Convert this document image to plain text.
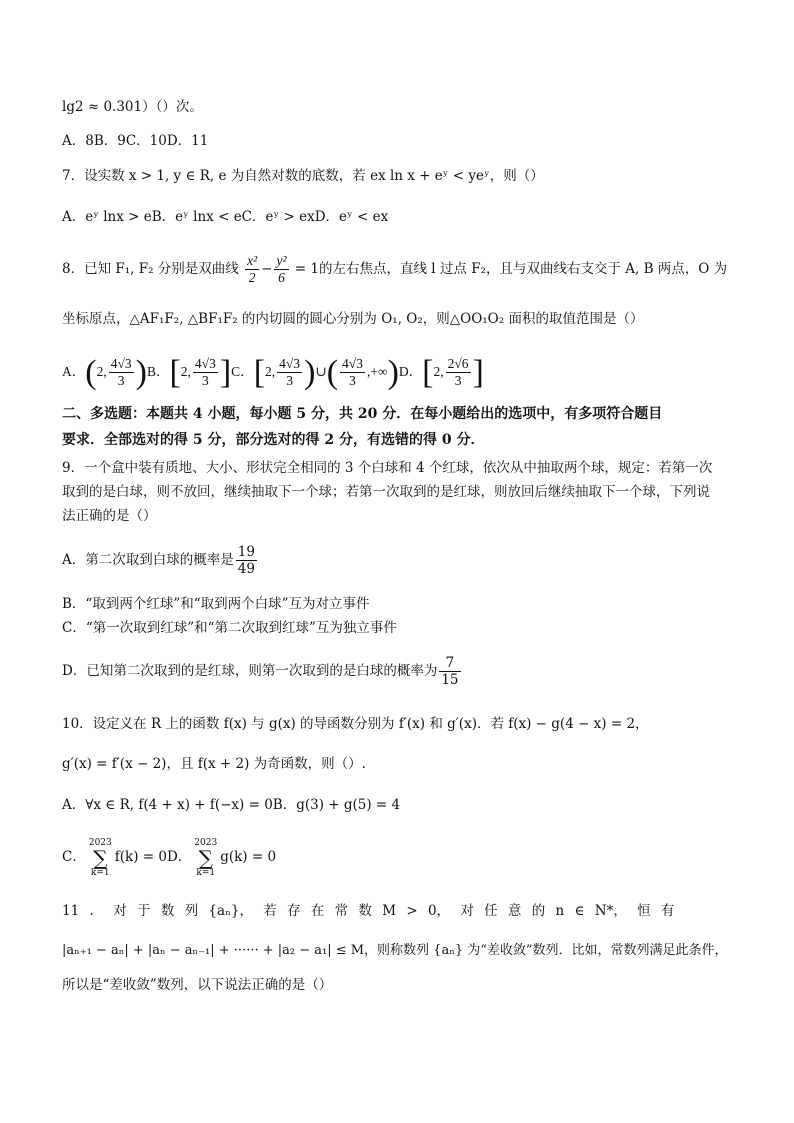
lg2 ≈ 0.301）（）次。
A．8B．9C．10D．11
7．设实数 x > 1, y ∈ R, e 为自然对数的底数，若 ex ln x + eʸ < yeʸ，则（）
A．eʸ lnx > eB．eʸ lnx < eC．eʸ > exD．eʸ < ex
8．已知 F₁, F₂ 分别是双曲线 $\frac{\text{x²}}{2} - \frac{\text{y²}}{6} = 1$的左右焦点，直线 l 过点 F₂，且与双曲线右支交于 A, B 两点，O 为
坐标原点，△AF₁F₂, △BF₁F₂ 的内切圆的圆心分别为 O₁, O₂，则△OO₁O₂ 面积的取值范围是（）
A．(2, $\frac{4√3}{3} )B$．[2, $\frac{4√3}{3} ]C$．[2, $\frac{4√3}{3}$ )∪( $\frac{4√3}{3} ,+\infty)D$．[2, $\frac{2√6}{3}$ ]
二、多选题：本题共 4 小题，每小题 5 分，共 20 分．在每小题给出的选项中，有多项符合题目
要求．全部选对的得 5 分，部分选对的得 2 分，有选错的得 0 分．
9．一个盒中装有质地、大小、形状完全相同的 3 个白球和 4 个红球，依次从中抽取两个球，规定：若第一次
取到的是白球，则不放回，继续抽取下一个球；若第一次取到的是红球，则放回后继续抽取下一个球，下列说
法正确的是（）
A．第二次取到白球的概率是 $\frac{19}{49}$
B．“取到两个红球”和“取到两个白球”互为对立事件
C．“第一次取到红球”和“第二次取到红球”互为独立事件
D．已知第二次取到的是红球，则第一次取到的是白球的概率为 $\frac{7}{15}$
10．设定义在 R 上的函数 f(x) 与 g(x) 的导函数分别为 f′(x) 和 g′(x)．若 f(x) − g(4 − x) = 2，
g′(x) = f′(x − 2)，且 f(x + 2) 为奇函数，则（）.
A．∀x ∈ R, f(4 + x) + f(−x) = 0B．g(3) + g(5) = 4
C．2023
∑
k=1f(k) = 0D．2023
∑
k=1g(k) = 0
11 ． 对 于 数 列 {aₙ}， 若 存 在 常 数 M > 0， 对 任 意 的 n ∈ N*， 恒 有
|aₙ₊₁ − aₙ| + |aₙ − aₙ₋₁| + ······ + |a₂ − a₁| ≤ M，则称数列 {aₙ} 为“差收敛”数列．比如，常数列满足此条件，
所以是“差收敛”数列，以下说法正确的是（）
